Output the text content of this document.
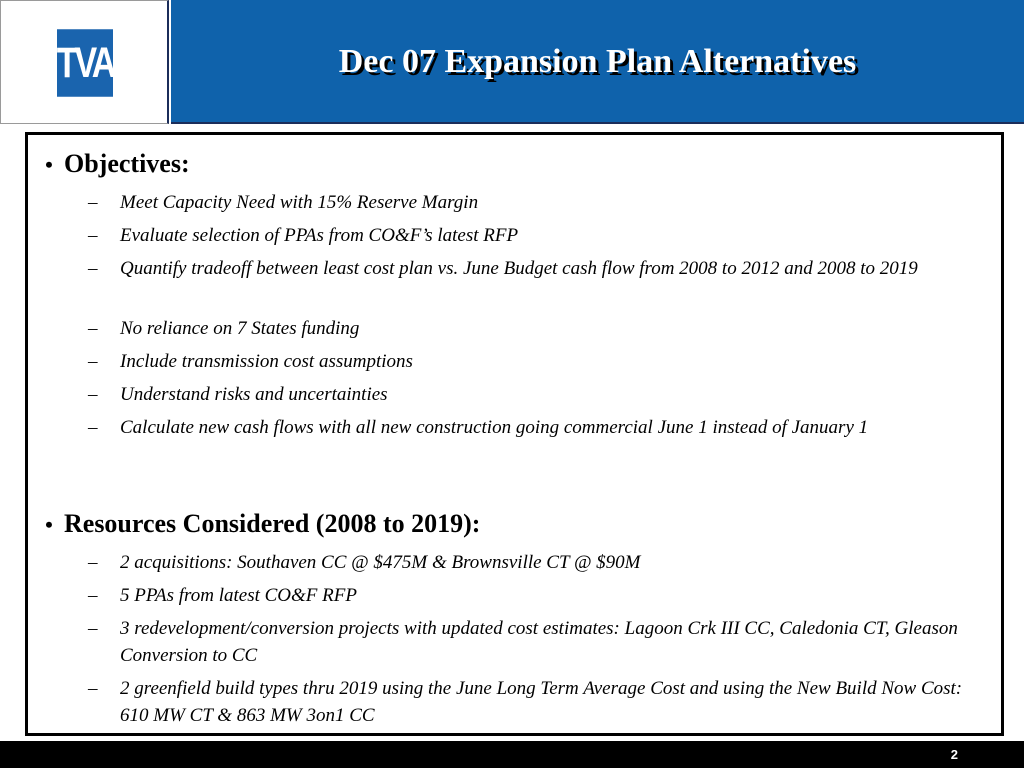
TVA	Dec 07 Expansion Plan Alternatives
• Objectives:
– Meet Capacity Need with 15% Reserve Margin
– Evaluate selection of PPAs from CO&F’s latest RFP
– Quantify tradeoff between least cost plan vs. June Budget cash flow from 2008 to 2012 and 2008 to 2019
– No reliance on 7 States funding
– Include transmission cost assumptions
– Understand risks and uncertainties
– Calculate new cash flows with all new construction going commercial June 1 instead of January 1
• Resources Considered (2008 to 2019):
– 2 acquisitions: Southaven CC @ $475M & Brownsville CT @ $90M
– 5 PPAs from latest CO&F RFP
– 3 redevelopment/conversion projects with updated cost estimates: Lagoon Crk III CC, Caledonia CT, Gleason Conversion to CC
– 2 greenfield build types thru 2019 using the June Long Term Average Cost and using the New Build Now Cost: 610 MW CT & 863 MW 3on1 CC
2
